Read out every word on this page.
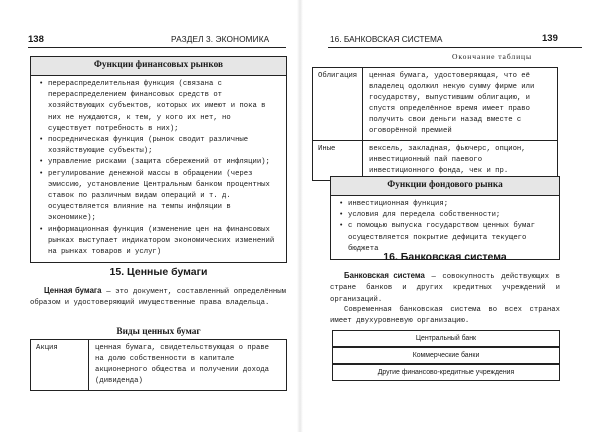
138	РАЗДЕЛ 3. ЭКОНОМИКА
Функции финансовых рынков
• перераспределительная функция (связана с перераспределением финансовых средств от хозяйствующих субъектов, которых их имеют и пока в них не нуждаются, к тем, у кого их нет, но существует потребность в них);
• посредническая функция (рынок сводит различные хозяйствующие субъекты);
• управление рисками (защита сбережений от инфляции);
• регулирование денежной массы в обращении (через эмиссию, установление Центральным банком процентных ставок по различным видам операций и т. д. осуществляется влияние на темпы инфляции в экономике);
• информационная функция (изменение цен на финансовых рынках выступает индикатором экономических изменений на рынках товаров и услуг)
15. Ценные бумаги
Ценная бумага — это документ, составленный определённым образом и удостоверяющий имущественные права владельца.
Виды ценных бумаг
Акция	ценная бумага, свидетельствующая о праве на долю собственности в капитале акционерного общества и получении дохода (дивиденда)
16. БАНКОВСКАЯ СИСТЕМА	139
Окончание таблицы
Облигация	ценная бумага, удостоверяющая, что её владелец одолжил некую сумму фирме или государству, выпустившим облигацию, и спустя определённое время имеет право получить свои деньги назад вместе с оговорённой премией
Иные	вексель, закладная, фьючерс, опцион, инвестиционный пай паевого инвестиционного фонда, чек и пр.
Функции фондового рынка
• инвестиционная функция;
• условия для передела собственности;
• с помощью выпуска государством ценных бумаг осуществляется покрытие дефицита текущего бюджета
16. Банковская система
Банковская система — совокупность действующих в стране банков и других кредитных учреждений и организаций.
Современная банковская система во всех странах имеет двухуровневую организацию.
Центральный банк
Коммерческие банки
Другие финансово-кредитные учреждения
